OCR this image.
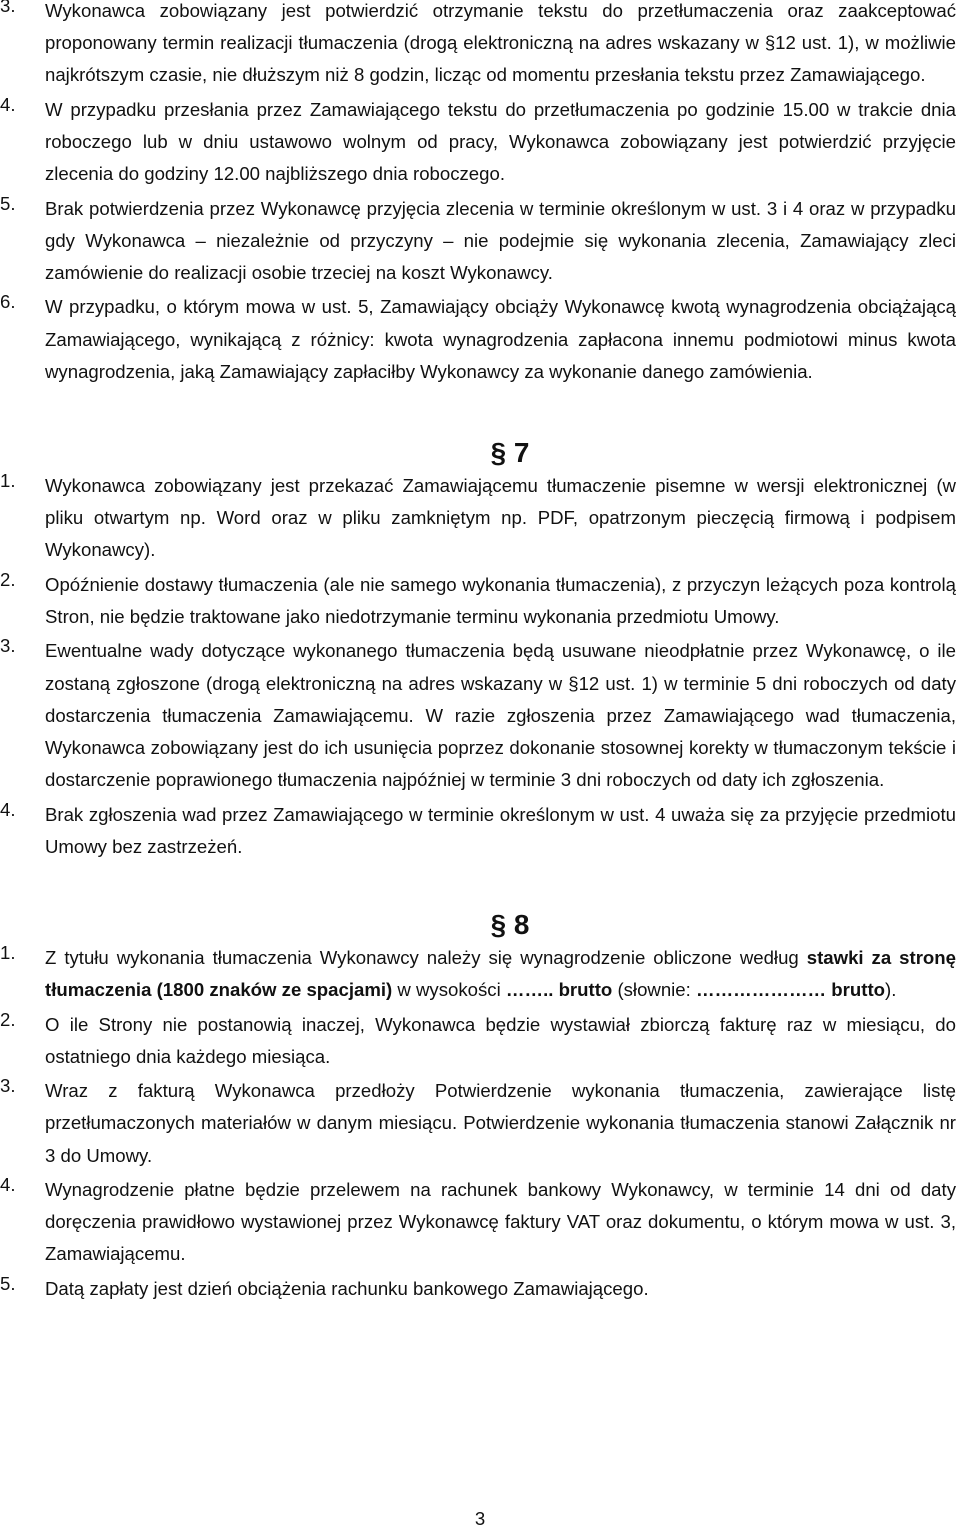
3. Wykonawca zobowiązany jest potwierdzić otrzymanie tekstu do przetłumaczenia oraz zaakceptować proponowany termin realizacji tłumaczenia (drogą elektroniczną na adres wskazany w §12 ust. 1), w możliwie najkrótszym czasie, nie dłuższym niż 8 godzin, licząc od momentu przesłania tekstu przez Zamawiającego.
4. W przypadku przesłania przez Zamawiającego tekstu do przetłumaczenia po godzinie 15.00 w trakcie dnia roboczego lub w dniu ustawowo wolnym od pracy, Wykonawca zobowiązany jest potwierdzić przyjęcie zlecenia do godziny 12.00 najbliższego dnia roboczego.
5. Brak potwierdzenia przez Wykonawcę przyjęcia zlecenia w terminie określonym w ust. 3 i 4 oraz w przypadku gdy Wykonawca – niezależnie od przyczyny – nie podejmie się wykonania zlecenia, Zamawiający zleci zamówienie do realizacji osobie trzeciej na koszt Wykonawcy.
6. W przypadku, o którym mowa w ust. 5, Zamawiający obciąży Wykonawcę kwotą wynagrodzenia obciążającą Zamawiającego, wynikającą z różnicy: kwota wynagrodzenia zapłacona innemu podmiotowi minus kwota wynagrodzenia, jaką Zamawiający zapłaciłby Wykonawcy za wykonanie danego zamówienia.
§ 7
1. Wykonawca zobowiązany jest przekazać Zamawiającemu tłumaczenie pisemne w wersji elektronicznej (w pliku otwartym np. Word oraz w pliku zamkniętym np. PDF, opatrzonym pieczęcią firmową i podpisem Wykonawcy).
2. Opóźnienie dostawy tłumaczenia (ale nie samego wykonania tłumaczenia), z przyczyn leżących poza kontrolą Stron, nie będzie traktowane jako niedotrzymanie terminu wykonania przedmiotu Umowy.
3. Ewentualne wady dotyczące wykonanego tłumaczenia będą usuwane nieodpłatnie przez Wykonawcę, o ile zostaną zgłoszone (drogą elektroniczną na adres wskazany w §12 ust. 1) w terminie 5 dni roboczych od daty dostarczenia tłumaczenia Zamawiającemu. W razie zgłoszenia przez Zamawiającego wad tłumaczenia, Wykonawca zobowiązany jest do ich usunięcia poprzez dokonanie stosownej korekty w tłumaczonym tekście i dostarczenie poprawionego tłumaczenia najpóźniej w terminie 3 dni roboczych od daty ich zgłoszenia.
4. Brak zgłoszenia wad przez Zamawiającego w terminie określonym w ust. 4 uważa się za przyjęcie przedmiotu Umowy bez zastrzeżeń.
§ 8
1. Z tytułu wykonania tłumaczenia Wykonawcy należy się wynagrodzenie obliczone według stawki za stronę tłumaczenia (1800 znaków ze spacjami) w wysokości …….. brutto (słownie: ………………… brutto).
2. O ile Strony nie postanowią inaczej, Wykonawca będzie wystawiał zbiorczą fakturę raz w miesiącu, do ostatniego dnia każdego miesiąca.
3. Wraz z fakturą Wykonawca przedłoży Potwierdzenie wykonania tłumaczenia, zawierające listę przetłumaczonych materiałów w danym miesiącu. Potwierdzenie wykonania tłumaczenia stanowi Załącznik nr 3 do Umowy.
4. Wynagrodzenie płatne będzie przelewem na rachunek bankowy Wykonawcy, w terminie 14 dni od daty doręczenia prawidłowo wystawionej przez Wykonawcę faktury VAT oraz dokumentu, o którym mowa w ust. 3, Zamawiającemu.
5. Datą zapłaty jest dzień obciążenia rachunku bankowego Zamawiającego.
3
